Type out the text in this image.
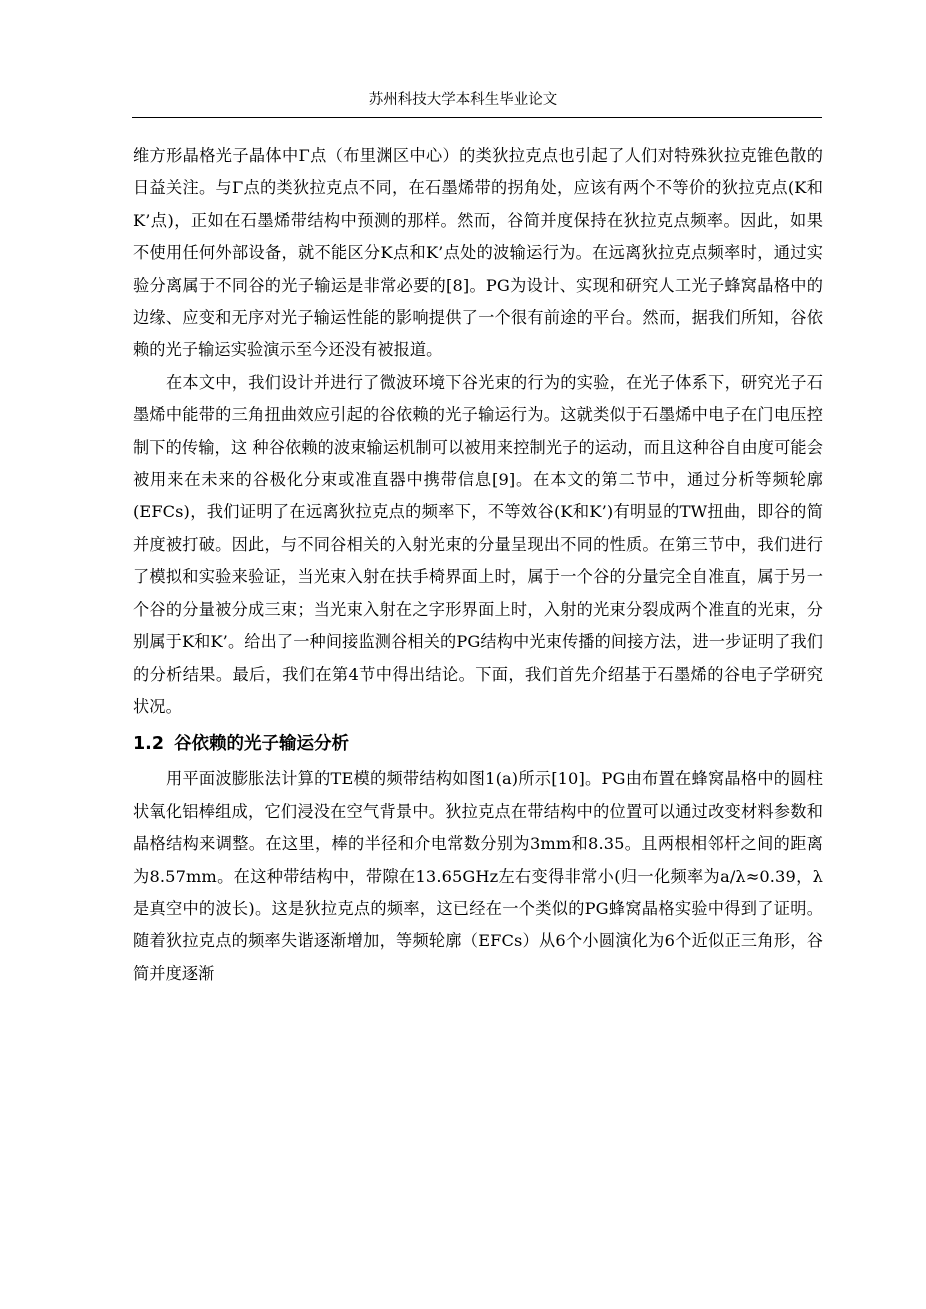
苏州科技大学本科生毕业论文

维方形晶格光子晶体中Γ点（布里渊区中心）的类狄拉克点也引起了人们对特殊狄拉克锥色散的日益关注。与Γ点的类狄拉克点不同，在石墨烯带的拐角处，应该有两个不等价的狄拉克点(K和K’点)，正如在石墨烯带结构中预测的那样。然而，谷简并度保持在狄拉克点频率。因此，如果不使用任何外部设备，就不能区分K点和K’点处的波输运行为。在远离狄拉克点频率时，通过实验分离属于不同谷的光子输运是非常必要的[8]。PG为设计、实现和研究人工光子蜂窝晶格中的边缘、应变和无序对光子输运性能的影响提供了一个很有前途的平台。然而，据我们所知，谷依赖的光子输运实验演示至今还没有被报道。

在本文中，我们设计并进行了微波环境下谷光束的行为的实验，在光子体系下，研究光子石墨烯中能带的三角扭曲效应引起的谷依赖的光子输运行为。这就类似于石墨烯中电子在门电压控制下的传输，这 种谷依赖的波束输运机制可以被用来控制光子的运动，而且这种谷自由度可能会被用来在未来的谷极化分束或准直器中携带信息[9]。在本文的第二节中，通过分析等频轮廓(EFCs)，我们证明了在远离狄拉克点的频率下，不等效谷(K和K’)有明显的TW扭曲，即谷的简并度被打破。因此，与不同谷相关的入射光束的分量呈现出不同的性质。在第三节中，我们进行了模拟和实验来验证，当光束入射在扶手椅界面上时，属于一个谷的分量完全自准直，属于另一个谷的分量被分成三束；当光束入射在之字形界面上时，入射的光束分裂成两个准直的光束，分别属于K和K’。给出了一种间接监测谷相关的PG结构中光束传播的间接方法，进一步证明了我们的分析结果。最后，我们在第4节中得出结论。下面，我们首先介绍基于石墨烯的谷电子学研究状况。

1.2 谷依赖的光子输运分析

用平面波膨胀法计算的TE模的频带结构如图1(a)所示[10]。PG由布置在蜂窝晶格中的圆柱状氧化铝棒组成，它们浸没在空气背景中。狄拉克点在带结构中的位置可以通过改变材料参数和晶格结构来调整。在这里，棒的半径和介电常数分别为3mm和8.35。且两根相邻杆之间的距离为8.57mm。在这种带结构中，带隙在13.65GHz左右变得非常小(归一化频率为a/λ≈0.39，λ是真空中的波长)。这是狄拉克点的频率，这已经在一个类似的PG蜂窝晶格实验中得到了证明。随着狄拉克点的频率失谐逐渐增加，等频轮廓（EFCs）从6个小圆演化为6个近似正三角形，谷简并度逐渐
